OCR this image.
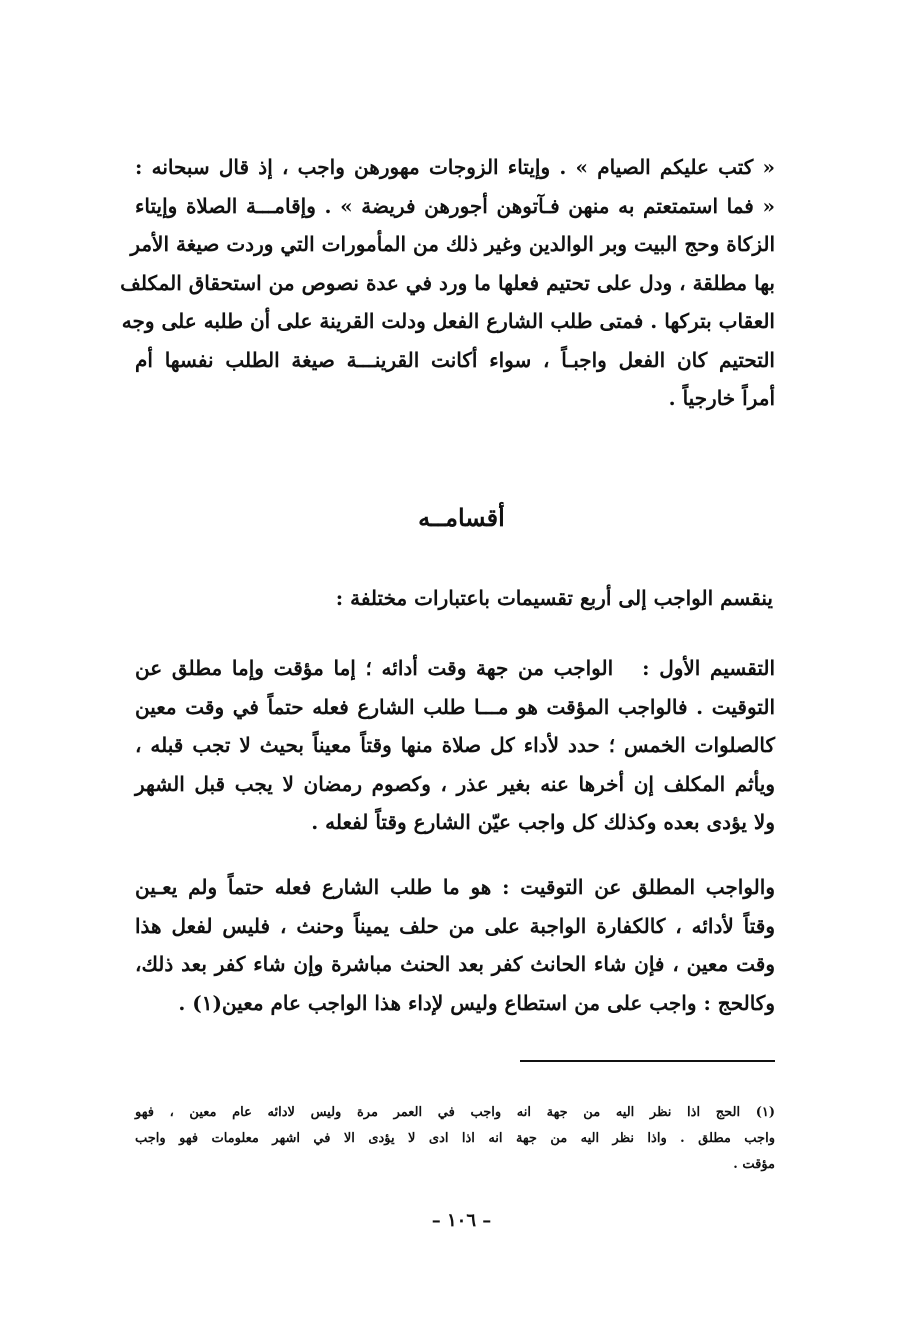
« كتب عليكم الصيام » . وإيتاء الزوجات مهورهن واجب ، إذ قال سبحانه :
« فما استمتعتم به منهن فـآتوهن أجورهن فريضة » . وإقامـــة الصلاة وإيتاء
الزكاة وحج البيت وبر الوالدين وغير ذلك من المأمورات التي وردت صيغة الأمر
بها مطلقة ، ودل على تحتيم فعلها ما ورد في عدة نصوص من استحقاق المكلف
العقاب بتركها . فمتى طلب الشارع الفعل ودلت القرينة على أن طلبه على وجه
التحتيم كان الفعل واجبـاً ، سواء أكانت القرينـــة صيغة الطلب نفسها أم
أمراً خارجياً .
أقسامــه
ينقسم الواجب إلى أربع تقسيمات باعتبارات مختلفة :
التقسيم الأول :   الواجب من جهة وقت أدائه ؛ إما مؤقت وإما مطلق عن
التوقيت . فالواجب المؤقت هو مـــا طلب الشارع فعله حتماً في وقت معين
كالصلوات الخمس ؛ حدد لأداء كل صلاة منها وقتاً معيناً بحيث لا تجب قبله ،
ويأثم المكلف إن أخرها عنه بغير عذر ، وكصوم رمضان لا يجب قبل الشهر
ولا يؤدى بعده وكذلك كل واجب عيّن الشارع وقتاً لفعله .
والواجب المطلق عن التوقيت : هو ما طلب الشارع فعله حتماً ولم يعـين
وقتاً لأدائه ، كالكفارة الواجبة على من حلف يميناً وحنث ، فليس لفعل هذا
وقت معين ، فإن شاء الحانث كفر بعد الحنث مباشرة وإن شاء كفر بعد ذلك،
وكالحج : واجب على من استطاع وليس لإداء هذا الواجب عام معين(١) .
(١) الحج اذا نظر اليه من جهة انه واجب في العمر مرة وليس لادائه عام معين ، فهو
واجب مطلق . واذا نظر اليه من جهة انه اذا ادى لا يؤدى الا في اشهر معلومات فهو واجب
مؤقت .
– ١٠٦ –
